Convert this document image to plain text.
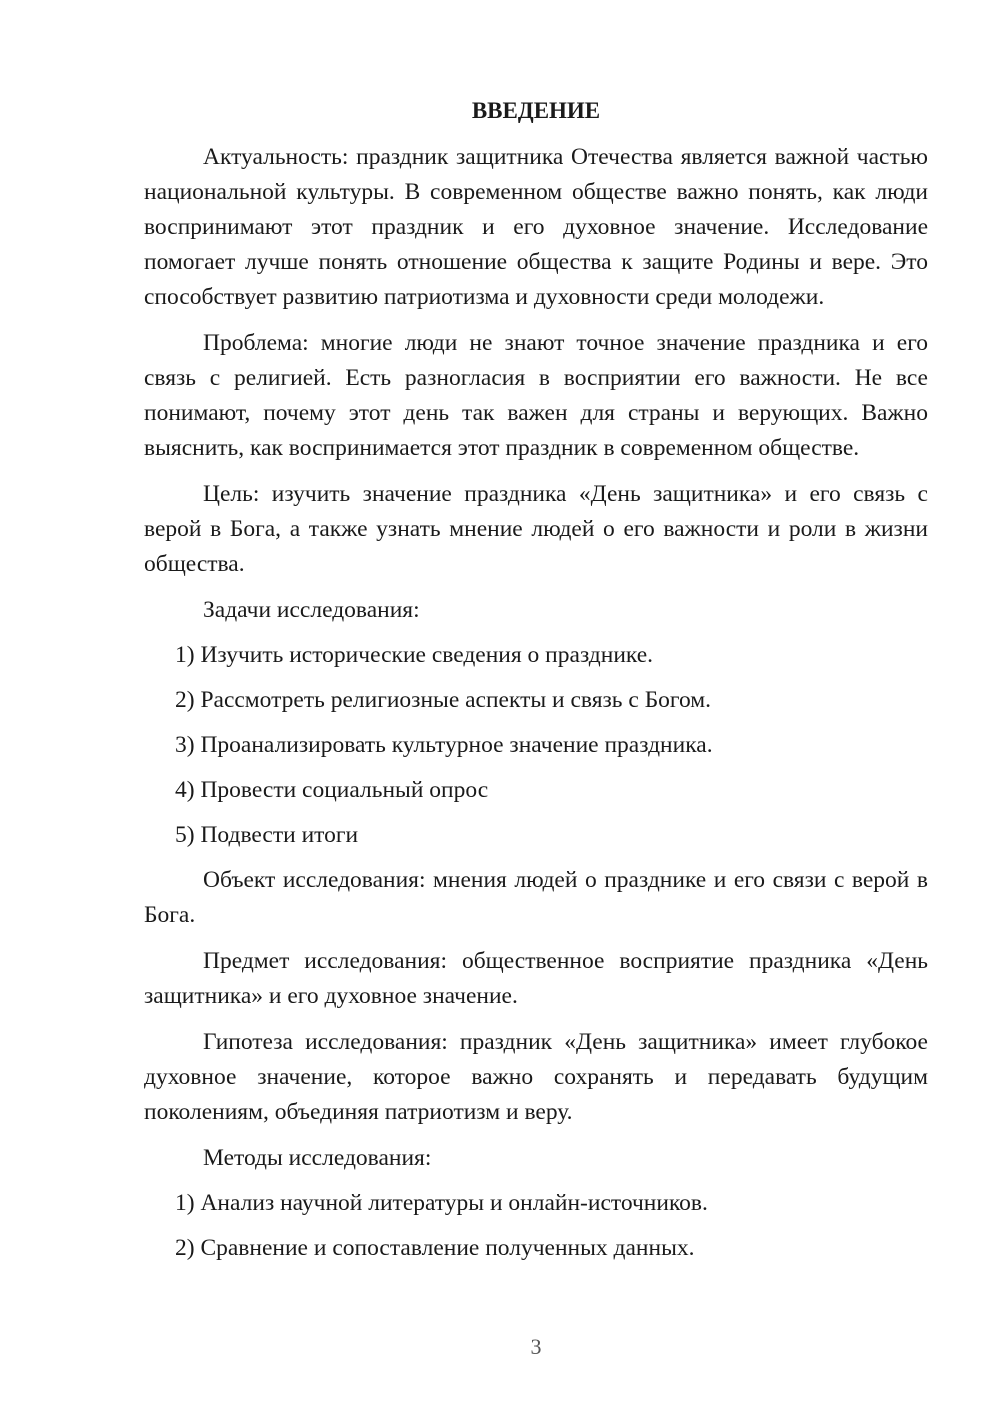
ВВЕДЕНИЕ

Актуальность: праздник защитника Отечества является важной частью национальной культуры. В современном обществе важно понять, как люди воспринимают этот праздник и его духовное значение. Исследование помогает лучше понять отношение общества к защите Родины и вере. Это способствует развитию патриотизма и духовности среди молодежи.

Проблема: многие люди не знают точное значение праздника и его связь с религией. Есть разногласия в восприятии его важности. Не все понимают, почему этот день так важен для страны и верующих. Важно выяснить, как воспринимается этот праздник в современном обществе.

Цель: изучить значение праздника «День защитника» и его связь с верой в Бога, а также узнать мнение людей о его важности и роли в жизни общества.

Задачи исследования:

1) Изучить исторические сведения о празднике.

2) Рассмотреть религиозные аспекты и связь с Богом.

3) Проанализировать культурное значение праздника.

4) Провести социальный опрос

5) Подвести итоги

Объект исследования: мнения людей о празднике и его связи с верой в Бога.

Предмет исследования: общественное восприятие праздника «День защитника» и его духовное значение.

Гипотеза исследования: праздник «День защитника» имеет глубокое духовное значение, которое важно сохранять и передавать будущим поколениям, объединяя патриотизм и веру.

Методы исследования:

1) Анализ научной литературы и онлайн-источников.

2) Сравнение и сопоставление полученных данных.

3
